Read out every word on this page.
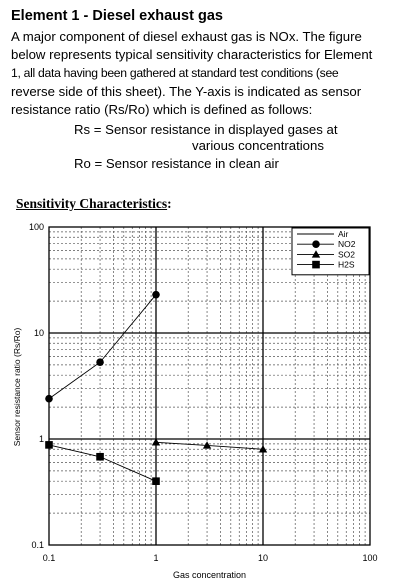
Element 1 - Diesel exhaust gas
A major component of diesel exhaust gas is NOx. The figure
below represents typical sensitivity characteristics for Element
1, all data having been gathered at standard test conditions (see
reverse side of this sheet). The Y-axis is indicated as sensor
resistance ratio (Rs/Ro) which is defined as follows:
Rs = Sensor resistance in displayed gases at
various concentrations
Ro = Sensor resistance in clean air
Sensitivity Characteristics:
0.1	1	10	100
0.1
1
10
100
Gas concentration
Sensor resistance ratio (Rs/Ro)
Air
NO2
SO2
H2S
